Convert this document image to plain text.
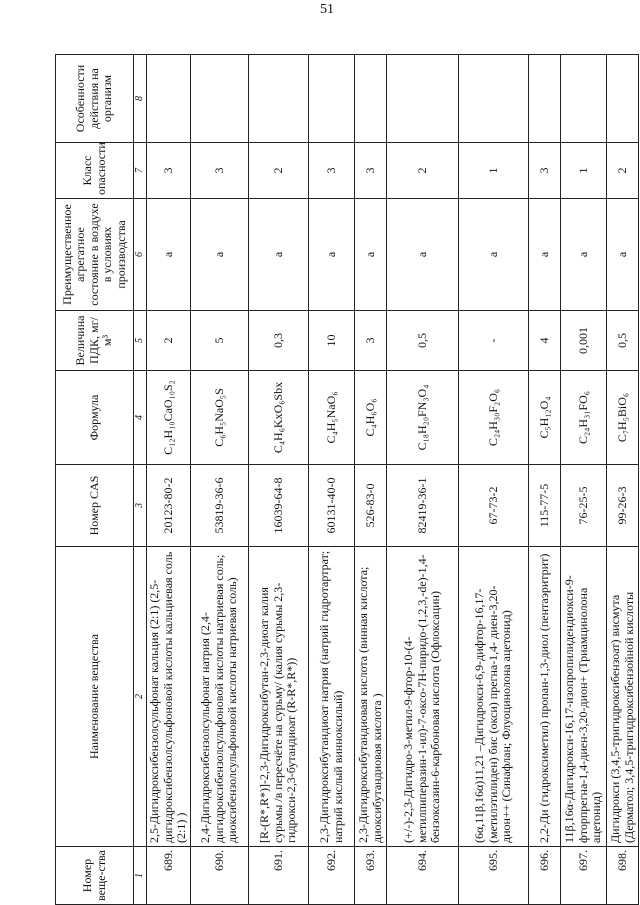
51
Номер веще-ства	Наименование вещества	Номер CAS	Формула	Величина ПДК, мг/м³	Преимущественное агрегатное состояние в воздухе в условиях производства	Класс опасности	Особенности действия на организм
1	2	3	4	5	6	7	8
689.	2,5-Дигидроксибензолсульфонат кальция (2:1) (2,5-дигидроксибензолсульфоновой кислоты кальциевая соль (2:1) )	20123-80-2	C₁₂H₁₀CaO₁₀S₂	2	а	3	
690.	2,4-Дигидроксибензолсульфонат натрия (2,4-дигидроксибензолсульфоновой кислоты натриевая соль; диоксибензолсульфоновой кислоты натриевая соль)	53819-36-6	C₆H₅NaO₅S	5	а	3	
691.	[R-(R*,R*)]-2,3-Дигидроксибутан-2,3-диоат калия сурьмы /в пересчёте на сурьму/ (калия сурьмы 2,3-гидрокси-2,3-бутандиоат (R-R*,R*))	16039-64-8	C₄H₆KxO₆Sbx	0,3	а	2	
692.	2,3-Дигидроксибутандиоат натрия (натрий гидротартрат; натрий кислый винноксилый)	60131-40-0	C₄H₅NaO₆	10	а	3	
693.	2,3-Дигидроксибутандиовая кислота (винная кислота; диоксибутандиовая кислота )	526-83-0	C₄H₆O₆	3	а	3	
694.	(+/-)-2,3-Дигидро-3-метил-9-фтор-10-(4-метилпиперазин-1-ил)-7-оксо-7Н-пиридо-(1,2,3,-de)-1,4-бензоксазин-6-карбоновая кислота (Офлоксацин)	82419-36-1	C₁₈H₂₀FN₃O₄	0,5	а	2	
695.	(6α,11β,16α)11,21 –Дигидрокси-6,9-дифтор-16,17-(метилэтилиден) бис (окси) прегна-1,4- диен-3,20-дион++ (Синафлан; Флуоцинолона ацетонид)	67-73-2	C₂₄H₃₀F₂O₆	-	а	1	
696.	2,2-Ди (гидроксиметил) пропан-1,3-диол (пентаэритрит)	115-77-5	C₅H₁₂O₄	4	а	3	
697.	11β,16α-Дигидрокси-16,17-изопропилидендиокси-9-фторпрегна-1,4-диен-3,20-дион+ (Триамцинолона ацетонид)	76-25-5	C₂₄H₃₁FO₆	0,001	а	1	
698.	Дигидрокси (3,4,5-тригидроксибензоат) висмута (Дерматол; 3,4,5-тригидроксибензойной кислоты	99-26-3	C₇H₅BiO₆	0,5	а	2	
